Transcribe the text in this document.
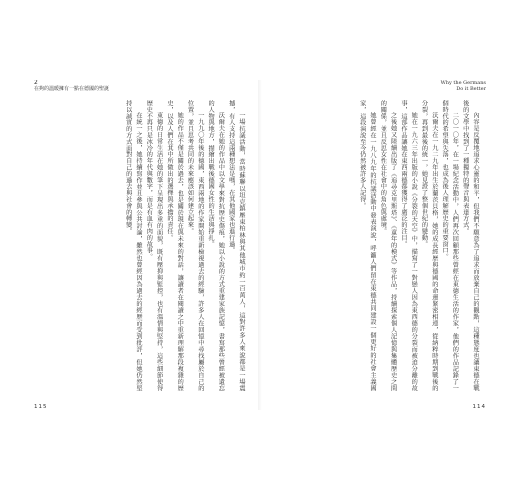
2
在夠的溫暖擁有一點在德國的聖誕

一場抗議活動，當時蘇聯以坦克鎮壓東柏林與其他城市約一百萬人，這對許多人來說都是一場震撼，有人支持這兩種想法是嗎，在其他國家也進行過。

沃爾夫在她的作品中以文學來對抗歷史傷痕，她以小說的方式重建家族記憶，書寫那些曾經被遺忘的人物與地方，描繪出戰後德國女性的生活與掙扎。

一九九〇年後的德國，東西兩地的作家開始重新檢視過去的經驗，許多人在回憶中尋找屬於自己的位置，並且思考共同的未來應該如何建立起來。

她的作品不僅是關於過去，也是關於現在與未來的對話，讓讀者在閱讀之中重新理解那段複雜的歷史，以及人們在其中所做出的選擇與承擔的責任。

東德的日常生活在她的筆下呈現出多重的面貌，既有壓抑與監控，也有溫情與堅持，這些細節使得歷史不再只是冰冷的年代與數字，而是有血有肉的故事。

在統一之後，她持續寫作並且參與公共討論，雖然也曾經因為過去的經歷而受到批評，但她仍然堅持以誠實的方式面對自己的過去與社會的轉變。

115
Why the Germans
Do it Better

內容是反覆地追求心靈的和平，但我們不願意為了追求而放棄自己的觀點，這種態度也讓東德在戰後的文學中找到了一種獨特的聲音與表達方式。

二〇一〇年，在一場紀念活動中，人們再次回顧那些曾經在東德生活的作家，他們的作品記錄了一個時代的希望與失落，也成為後人理解歷史的重要窗口。

沃爾夫在一九二九年出生於蘭茨貝格，她的成長經歷與德國的命運緊密相連，從納粹時期到戰後的分裂，再到最後的統一，她見證了整個世紀的變動。

她在一九六三年出版的小說《分裂的天空》中，描寫了一對戀人因為東西德的分裂而被迫分離的故事，這部作品讓她在東西兩德都獲得了廣泛的注目。

之後她又陸續出版了《追尋克里斯塔》、《童年的模式》等作品，持續探索個人記憶與集體歷史之間的關係，並且反思女性在社會中的角色與處境。

她曾經在一九八九年的抗議活動中發表演說，呼籲人們留在東德共同建設一個更好的社會主義國家，這段演說至今仍然被許多人記得。

114
